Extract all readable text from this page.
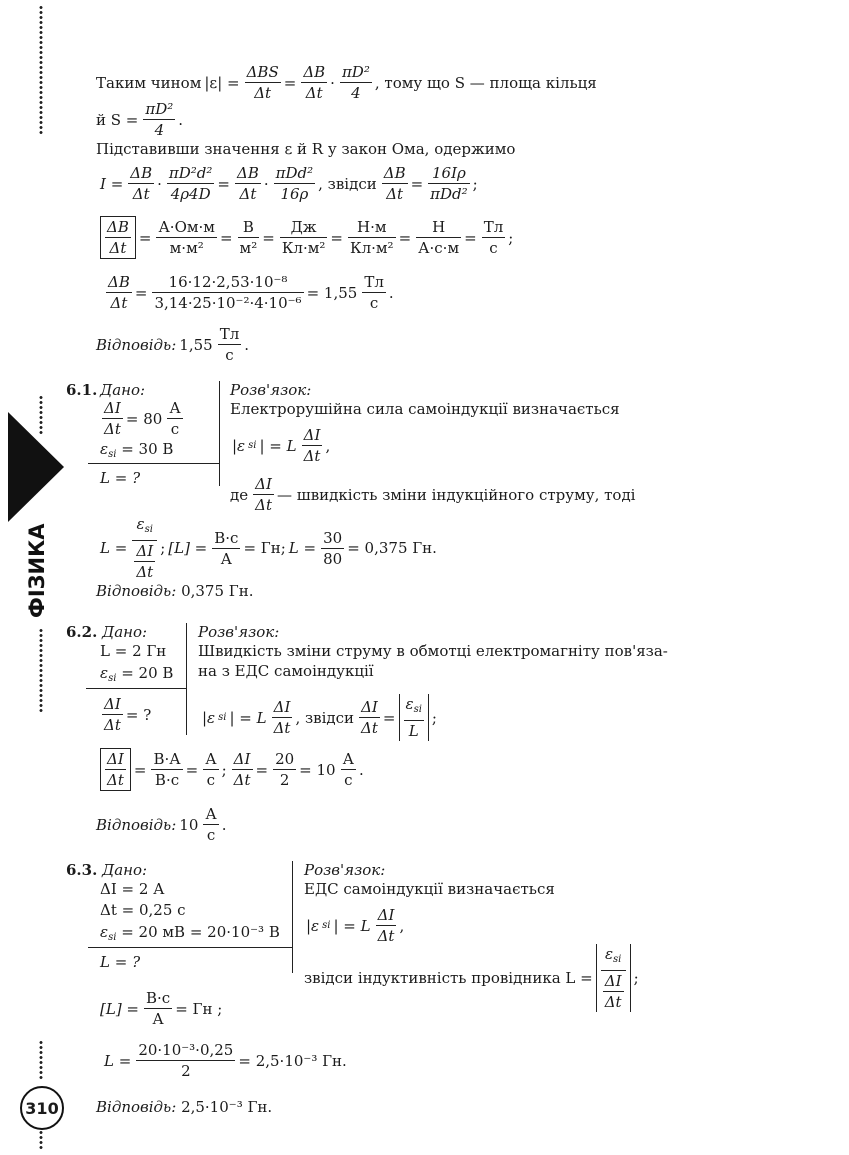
ФІЗИКА
310
Таким чином $|\varepsilon| = \frac{\text{ΔBS}}{\Delta t} = \frac{\Delta B}{\Delta t} \cdot \frac{\text{πD²}}{4}$ , тому що S — площа кільця
й $S = \frac{\text{πD²}}{4}$ .
Підставивши значення ε й R у закон Ома, одержимо
$I = \frac{\Delta B}{\Delta t} \cdot \frac{\text{πD²d²}}{4\rho 4D} = \frac{\Delta B}{\Delta t} \cdot \frac{\text{πDd²}}{16\rho}$ , звідси $\frac{\Delta B}{\Delta t} = \frac{16I\rho}{\text{πDd²}}$ ;
$\frac{\Delta B}{\Delta t} = \frac{А\cdot Ом\cdot м}{\text{м·м²}} = \frac{В}{\text{м²}} = \frac{Дж}{\text{Кл·м²}} = \frac{Н\cdot м}{\text{Кл·м²}} = \frac{Н}{А\cdot с\cdot м} = \frac{Тл}{с}$ ;
$\frac{\Delta B}{\Delta t} = \frac{\text{16·12·2,53·10⁻⁸}}{\text{3,14·25·10⁻²·4·10⁻⁶}} = 1,55 \frac{Тл}{с}$ .
Відповідь: $1,55 \frac{Тл}{с}$ .
6.1. Дано:
$\frac{\Delta I}{\Delta t} = 80 \frac{А}{с}$
$\varepsilon_{si} = 30$ В
L = ?
Розв'язок:
Електрорушійна сила самоіндукції визначається
|ε si | = L $\frac{\Delta I}{\Delta t}$ ,
де $\frac{\Delta I}{\Delta t}$ — швидкість зміни індукційного струму, тоді
$L = \frac{\varepsilon_{si}}{\frac{\Delta I}{\Delta t}}$ ; $[L] = \frac{В\cdot с}{А}$ = Гн; $L = \frac{30}{80} = 0,375$ Гн.
Відповідь: 0,375 Гн.
6.2. Дано:
L = 2 Гн
$\varepsilon_{si} = 20$ В
$\frac{\Delta I}{\Delta t}$ = ?
Розв'язок:
Швидкість зміни струму в обмотці електромагніту пов'яза-
на з ЕДС самоіндукції
|ε si | = L $\frac{\Delta I}{\Delta t}$ , звідси $\frac{\Delta I}{\Delta t} = \frac{\varepsilon_{si}}{L}$ ;
$\frac{\Delta I}{\Delta t} = \frac{В\cdot А}{В\cdot с} = \frac{А}{с}$ ; $\frac{\Delta I}{\Delta t} = \frac{20}{2} = 10 \frac{А}{с}$ .
Відповідь: $10 \frac{А}{с}$ .
6.3. Дано:
ΔI = 2 А
Δt = 0,25 с
$\varepsilon_{si} = 20$ мВ = 20·10⁻³ В
L = ?
Розв'язок:
ЕДС самоіндукції визначається
|ε si | = L $\frac{\Delta I}{\Delta t}$ ,
звідси індуктивність провідника $L = \frac{\varepsilon_{si}}{\frac{\Delta I}{\Delta t}}$ ;
$[L] = \frac{В\cdot с}{А}$ = Гн ;
$L = \frac{\text{20·10⁻³·0,25}}{2} = 2,5\cdot 10^{-3}$ Гн.
Відповідь: 2,5·10⁻³ Гн.
